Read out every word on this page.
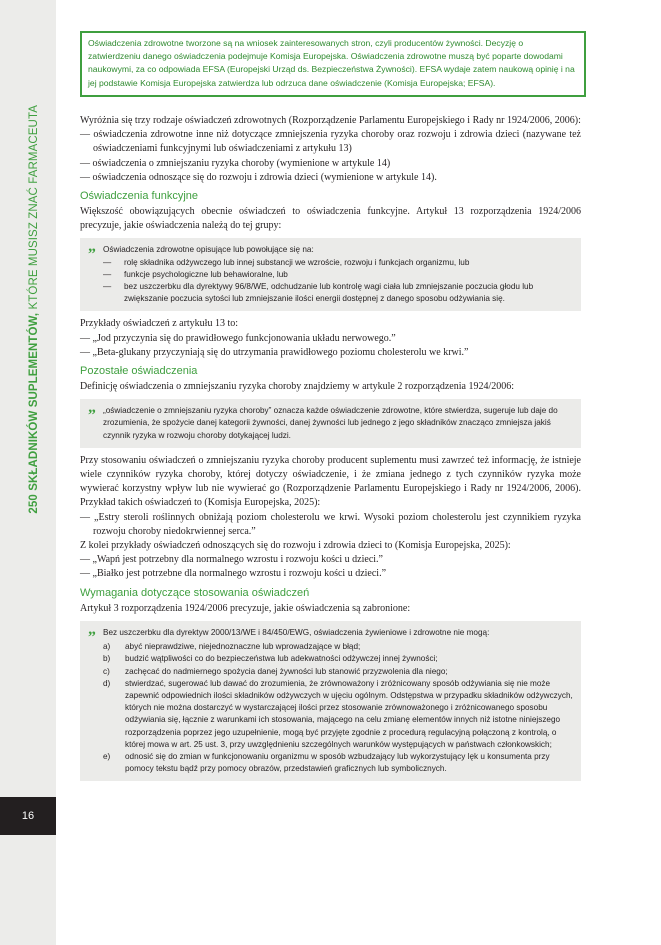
250 SKŁADNIKÓW SUPLEMENTÓW, KTÓRE MUSISZ ZNAĆ FARMACEUTA
16
Oświadczenia zdrowotne tworzone są na wniosek zainteresowanych stron, czyli producentów żywności. Decyzję o zatwierdzeniu danego oświadczenia podejmuje Komisja Europejska. Oświadczenia zdrowotne muszą być poparte dowodami naukowymi, za co odpowiada EFSA (Europejski Urząd ds. Bezpieczeństwa Żywności). EFSA wydaje zatem naukową opinię i na jej podstawie Komisja Europejska zatwierdza lub odrzuca dane oświadczenie (Komisja Europejska; EFSA).

Wyróżnia się trzy rodzaje oświadczeń zdrowotnych (Rozporządzenie Parlamentu Europejskiego i Rady nr 1924/2006, 2006):

— oświadczenia zdrowotne inne niż dotyczące zmniejszenia ryzyka choroby oraz rozwoju i zdrowia dzieci (nazywane też oświadczeniami funkcyjnymi lub oświadczeniami z artykułu 13)

— oświadczenia o zmniejszaniu ryzyka choroby (wymienione w artykule 14)

— oświadczenia odnoszące się do rozwoju i zdrowia dzieci (wymienione w artykule 14).

Oświadczenia funkcyjne

Większość obowiązujących obecnie oświadczeń to oświadczenia funkcyjne. Artykuł 13 rozporządzenia 1924/2006 precyzuje, jakie oświadczenia należą do tej grupy:

„ Oświadczenia zdrowotne opisujące lub powołujące się na:
— rolę składnika odżywczego lub innej substancji we wzroście, rozwoju i funkcjach organizmu, lub
— funkcje psychologiczne lub behawioralne, lub
— bez uszczerbku dla dyrektywy 96/8/WE, odchudzanie lub kontrolę wagi ciała lub zmniejszanie poczucia głodu lub zwiększanie poczucia sytości lub zmniejszanie ilości energii dostępnej z danego sposobu odżywiania się.

Przykłady oświadczeń z artykułu 13 to:

— „Jod przyczynia się do prawidłowego funkcjonowania układu nerwowego.”

— „Beta-glukany przyczyniają się do utrzymania prawidłowego poziomu cholesterolu we krwi.”

Pozostałe oświadczenia

Definicję oświadczenia o zmniejszaniu ryzyka choroby znajdziemy w artykule 2 rozporządzenia 1924/2006:

„ „oświadczenie o zmniejszaniu ryzyka choroby” oznacza każde oświadczenie zdrowotne, które stwierdza, sugeruje lub daje do zrozumienia, że spożycie danej kategorii żywności, danej żywności lub jednego z jego składników znacząco zmniejsza jakiś czynnik ryzyka w rozwoju choroby dotykającej ludzi.

Przy stosowaniu oświadczeń o zmniejszaniu ryzyka choroby producent suplementu musi zawrzeć też informację, że istnieje wiele czynników ryzyka choroby, której dotyczy oświadczenie, i że zmiana jednego z tych czynników ryzyka może wywierać korzystny wpływ lub nie wywierać go (Rozporządzenie Parlamentu Europejskiego i Rady nr 1924/2006, 2006). Przykład takich oświadczeń to (Komisja Europejska, 2025):

— „Estry steroli roślinnych obniżają poziom cholesterolu we krwi. Wysoki poziom cholesterolu jest czynnikiem ryzyka rozwoju choroby niedokrwiennej serca.”

Z kolei przykłady oświadczeń odnoszących się do rozwoju i zdrowia dzieci to (Komisja Europejska, 2025):

— „Wapń jest potrzebny dla normalnego wzrostu i rozwoju kości u dzieci.”

— „Białko jest potrzebne dla normalnego wzrostu i rozwoju kości u dzieci.”

Wymagania dotyczące stosowania oświadczeń

Artykuł 3 rozporządzenia 1924/2006 precyzuje, jakie oświadczenia są zabronione:

„ Bez uszczerbku dla dyrektyw 2000/13/WE i 84/450/EWG, oświadczenia żywieniowe i zdrowotne nie mogą:
a) abyć nieprawdziwe, niejednoznaczne lub wprowadzające w błąd;
b) budzić wątpliwości co do bezpieczeństwa lub adekwatności odżywczej innej żywności;
c) zachęcać do nadmiernego spożycia danej żywności lub stanowić przyzwolenia dla niego;
d) stwierdzać, sugerować lub dawać do zrozumienia, że zrównoważony i zróżnicowany sposób odżywiania się nie może zapewnić odpowiednich ilości składników odżywczych w ujęciu ogólnym. Odstępstwa w przypadku składników odżywczych, których nie można dostarczyć w wystarczającej ilości przez stosowanie zrównoważonego i zróżnicowanego sposobu odżywiania się, łącznie z warunkami ich stosowania, mającego na celu zmianę elementów innych niż istotne niniejszego rozporządzenia poprzez jego uzupełnienie, mogą być przyjęte zgodnie z procedurą regulacyjną połączoną z kontrolą, o której mowa w art. 25 ust. 3, przy uwzględnieniu szczególnych warunków występujących w państwach członkowskich;
e) odnosić się do zmian w funkcjonowaniu organizmu w sposób wzbudzający lub wykorzystujący lęk u konsumenta przy pomocy tekstu bądź przy pomocy obrazów, przedstawień graficznych lub symbolicznych.
